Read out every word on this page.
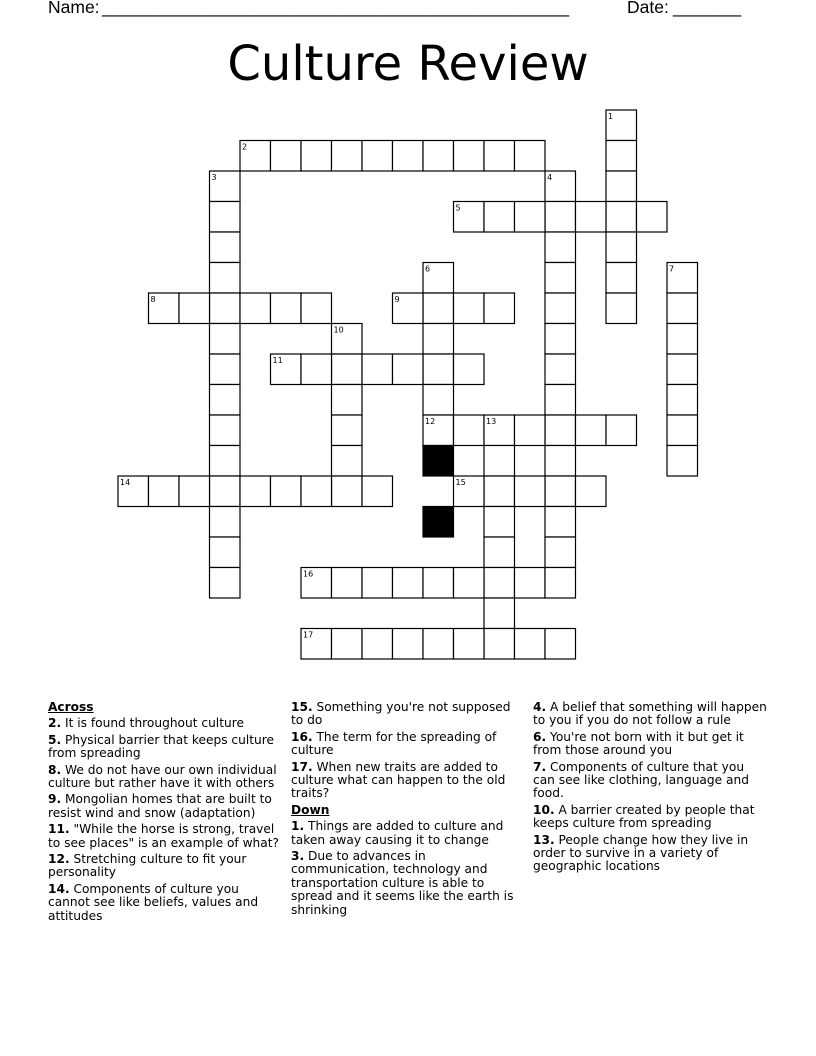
Name: ________________________________________________	Date: _______
Culture Review
1
2
3	4
5
6	7
8	9
10
11
12	13
14	15
16
17
Across
2. It is found throughout culture
5. Physical barrier that keeps culture from spreading
8. We do not have our own individual culture but rather have it with others
9. Mongolian homes that are built to resist wind and snow (adaptation)
11. "While the horse is strong, travel to see places" is an example of what?
12. Stretching culture to fit your personality
14. Components of culture you cannot see like beliefs, values and attitudes
15. Something you're not supposed to do
16. The term for the spreading of culture
17. When new traits are added to culture what can happen to the old traits?
Down
1. Things are added to culture and taken away causing it to change
3. Due to advances in communication, technology and transportation culture is able to spread and it seems like the earth is shrinking
4. A belief that something will happen to you if you do not follow a rule
6. You're not born with it but get it from those around you
7. Components of culture that you can see like clothing, language and food.
10. A barrier created by people that keeps culture from spreading
13. People change how they live in order to survive in a variety of geographic locations
